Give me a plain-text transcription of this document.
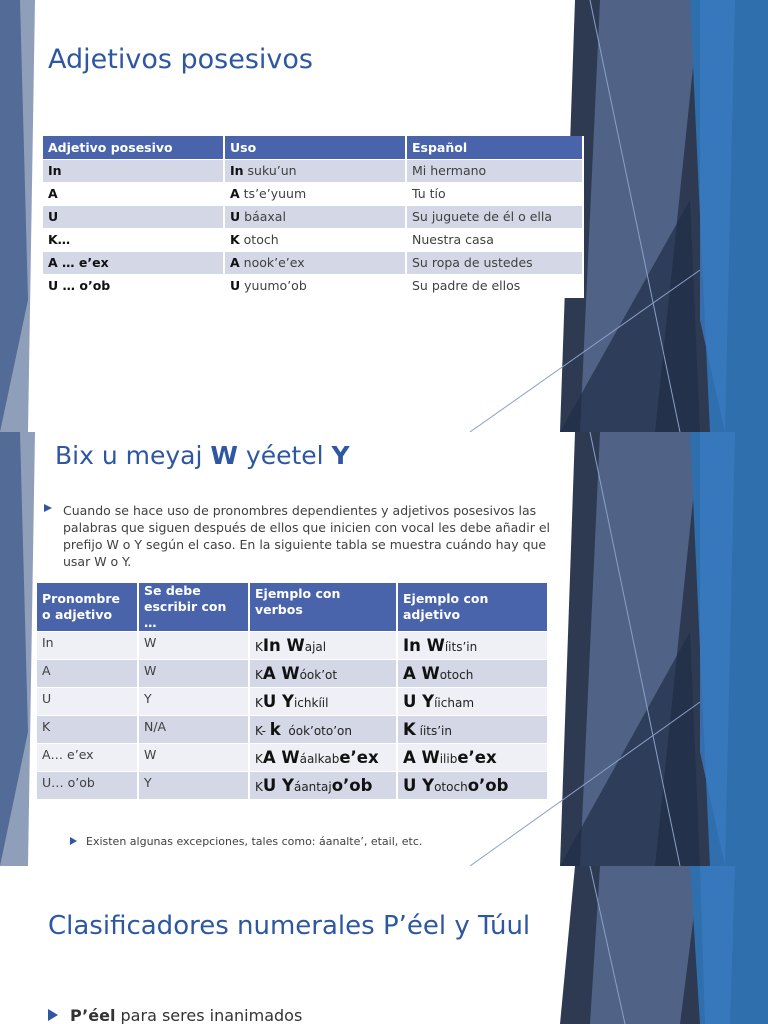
Adjetivos posesivos
Adjetivo posesivo	Uso	Español
In	In suku’un	Mi hermano
A	A ts’e’yuum	Tu tío
U	U báaxal	Su juguete de él o ella
K…	K otoch	Nuestra casa
A … e’ex	A nook’e’ex	Su ropa de ustedes
U … o’ob	U yuumo’ob	Su padre de ellos
Bix u meyaj W yéetel Y
Cuando se hace uso de pronombres dependientes y adjetivos posesivos las palabras que siguen después de ellos que inicien con vocal les debe añadir el prefijo W o Y según el caso. En la siguiente tabla se muestra cuándo hay que usar W o Y.
Pronombre o adjetivo	Se debe escribir con …	Ejemplo con verbos	Ejemplo con adjetivo
In	W	KIn Wajal	In Wíits’in
A	W	KA Wóok’ot	A Wotoch
U	Y	KU Yichkíil	U Yíicham
K	N/A	K- k  óok’oto’on	K íits’in
A… e’ex	W	KA Wáalkabe’ex	A Wilibe’ex
U… o’ob	Y	KU Yáantajo’ob	U Yotocho’ob
Existen algunas excepciones, tales como: áanalte’, etail, etc.
Clasificadores numerales P’éel y Túul
P’éel para seres inanimados
